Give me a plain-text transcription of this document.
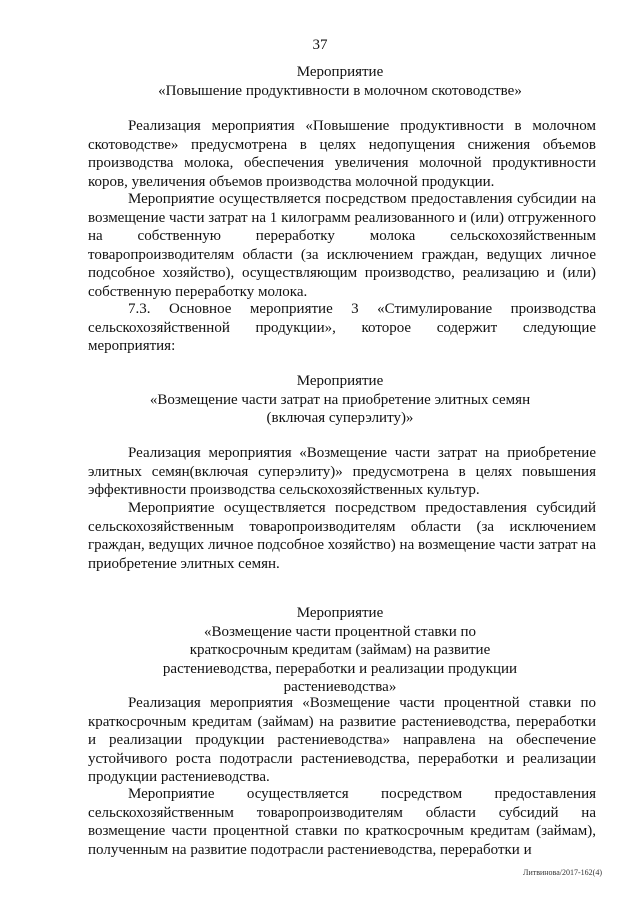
37
Мероприятие
«Повышение продуктивности в молочном скотоводстве»

Реализация мероприятия «Повышение продуктивности в молочном скотоводстве» предусмотрена в целях недопущения снижения объемов производства молока, обеспечения увеличения молочной продуктивности коров, увеличения объемов производства молочной продукции.

Мероприятие осуществляется посредством предоставления субсидии на возмещение части затрат на 1 килограмм реализованного и (или) отгруженного на собственную переработку молока сельскохозяйственным товаропроизводителям области (за исключением граждан, ведущих личное подсобное хозяйство), осуществляющим производство, реализацию и (или) собственную переработку молока.

7.3. Основное мероприятие 3 «Стимулирование производства сельскохозяйственной продукции», которое содержит следующие мероприятия:

Мероприятие
«Возмещение части затрат на приобретение элитных семян (включая суперэлиту)»

Реализация мероприятия «Возмещение части затрат на приобретение элитных семян(включая суперэлиту)» предусмотрена в целях повышения эффективности производства сельскохозяйственных культур.

Мероприятие осуществляется посредством предоставления субсидий сельскохозяйственным товаропроизводителям области (за исключением граждан, ведущих личное подсобное хозяйство) на возмещение части затрат на приобретение элитных семян.

Мероприятие
«Возмещение части процентной ставки по краткосрочным кредитам (займам) на развитие растениеводства, переработки и реализации продукции растениеводства»

Реализация мероприятия «Возмещение части процентной ставки по краткосрочным кредитам (займам) на развитие растениеводства, переработки и реализации продукции растениеводства» направлена на обеспечение устойчивого роста подотрасли растениеводства, переработки и реализации продукции растениеводства.

Мероприятие осуществляется посредством предоставления сельскохозяйственным товаропроизводителям области субсидий на возмещение части процентной ставки по краткосрочным кредитам (займам), полученным на развитие подотрасли растениеводства, переработки и

Литвинова/2017-162(4)
